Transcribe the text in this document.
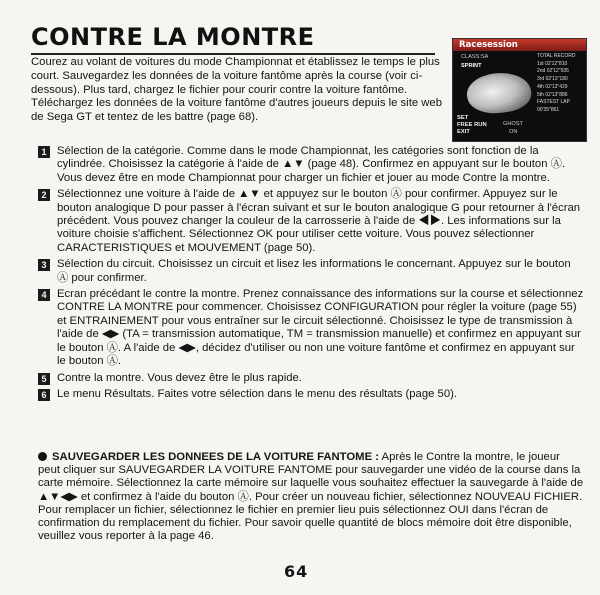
CONTRE LA MONTRE
Courez au volant de voitures du mode Championnat et établissez le temps le plus court. Sauvegardez les données de la voiture fantôme après la course (voir ci-dessous). Plus tard, chargez le fichier pour courir contre la voiture fantôme. Téléchargez les données de la voiture fantôme d'autres joueurs depuis le site web de Sega GT et tentez de les battre (page 68).
Racesession
CLASS:SA
SPRINT
SET
FREE RUN
EXIT
GHOST
ON
TOTAL RECORD
1st 02'12"810
2nd 02'12"935
3rd 02'13"180
4th 02'13"429
5th 02'13"886
FASTEST LAP
00'35"861
1 Sélection de la catégorie. Comme dans le mode Championnat, les catégories sont fonction de la cylindrée. Choisissez la catégorie à l'aide de ▲▼ (page 48). Confirmez en appuyant sur le bouton Ⓐ. Vous devez être en mode Championnat pour charger un fichier et jouer au mode Contre la montre.
2 Sélectionnez une voiture à l'aide de ▲▼ et appuyez sur le bouton Ⓐ pour confirmer. Appuyez sur le bouton analogique D pour passer à l'écran suivant et sur le bouton analogique G pour retourner à l'écran précédent. Vous pouvez changer la couleur de la carrosserie à l'aide de ◀▶. Les informations sur la voiture choisie s'affichent. Sélectionnez OK pour utiliser cette voiture. Vous pouvez sélectionner CARACTERISTIQUES et MOUVEMENT (page 50).
3 Sélection du circuit. Choisissez un circuit et lisez les informations le concernant. Appuyez sur le bouton Ⓐ pour confirmer.
4 Ecran précédant le contre la montre. Prenez connaissance des informations sur la course et sélectionnez CONTRE LA MONTRE pour commencer. Choisissez CONFIGURATION pour régler la voiture (page 55) et ENTRAINEMENT pour vous entraîner sur le circuit sélectionné. Choisissez le type de transmission à l'aide de ◀▶ (TA = transmission automatique, TM = transmission manuelle) et confirmez en appuyant sur le bouton Ⓐ. A l'aide de ◀▶, décidez d'utiliser ou non une voiture fantôme et confirmez en appuyant sur le bouton Ⓐ.
5 Contre la montre. Vous devez être le plus rapide.
6 Le menu Résultats. Faites votre sélection dans le menu des résultats (page 50).
SAUVEGARDER LES DONNEES DE LA VOITURE FANTOME : Après le Contre la montre, le joueur peut cliquer sur SAUVEGARDER LA VOITURE FANTOME pour sauvegarder une vidéo de la course dans la carte mémoire. Sélectionnez la carte mémoire sur laquelle vous souhaitez effectuer la sauvegarde à l'aide de ▲▼◀▶ et confirmez à l'aide du bouton Ⓐ. Pour créer un nouveau fichier, sélectionnez NOUVEAU FICHIER. Pour remplacer un fichier, sélectionnez le fichier en premier lieu puis sélectionnez OUI dans l'écran de confirmation du remplacement du fichier. Pour savoir quelle quantité de blocs mémoire doit être disponible, veuillez vous reporter à la page 46.
64
